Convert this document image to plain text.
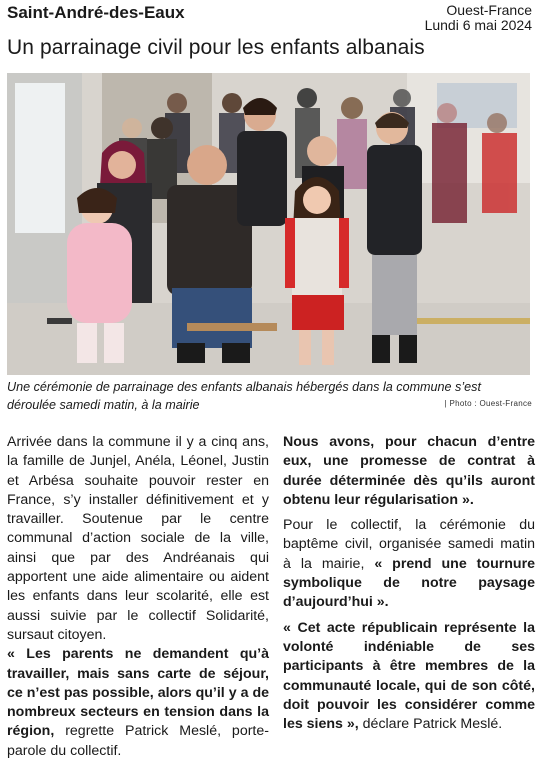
Saint-André-des-Eaux	Ouest-France
Lundi 6 mai 2024
Un parrainage civil pour les enfants albanais
Une cérémonie de parrainage des enfants albanais hébergés dans la commune s’est déroulée samedi matin, à la mairie	| Photo : Ouest-France

Arrivée dans la commune il y a cinq ans, la famille de Junjel, Anéla, Léonel, Justin et Arbésa souhaite pouvoir rester en France, s’y installer définitivement et y travailler. Soutenue par le centre communal d’action sociale de la ville, ainsi que par des Andréanais qui apportent une aide alimentaire ou aident les enfants dans leur scolarité, elle est aussi suivie par le collectif Solidarité, sursaut citoyen.

« Les parents ne demandent qu’à travailler, mais sans carte de séjour, ce n’est pas possible, alors qu’il y a de nombreux secteurs en tension dans la région, regrette Patrick Meslé, porte-parole du collectif.

Nous avons, pour chacun d’entre eux, une promesse de contrat à durée déterminée dès qu’ils auront obtenu leur régularisation ».

Pour le collectif, la cérémonie du baptême civil, organisée samedi matin à la mairie, « prend une tournure symbolique de notre paysage d’aujourd’hui ».

« Cet acte républicain représente la volonté indéniable de ses participants à être membres de la communauté locale, qui de son côté, doit pouvoir les considérer comme les siens », déclare Patrick Meslé.
